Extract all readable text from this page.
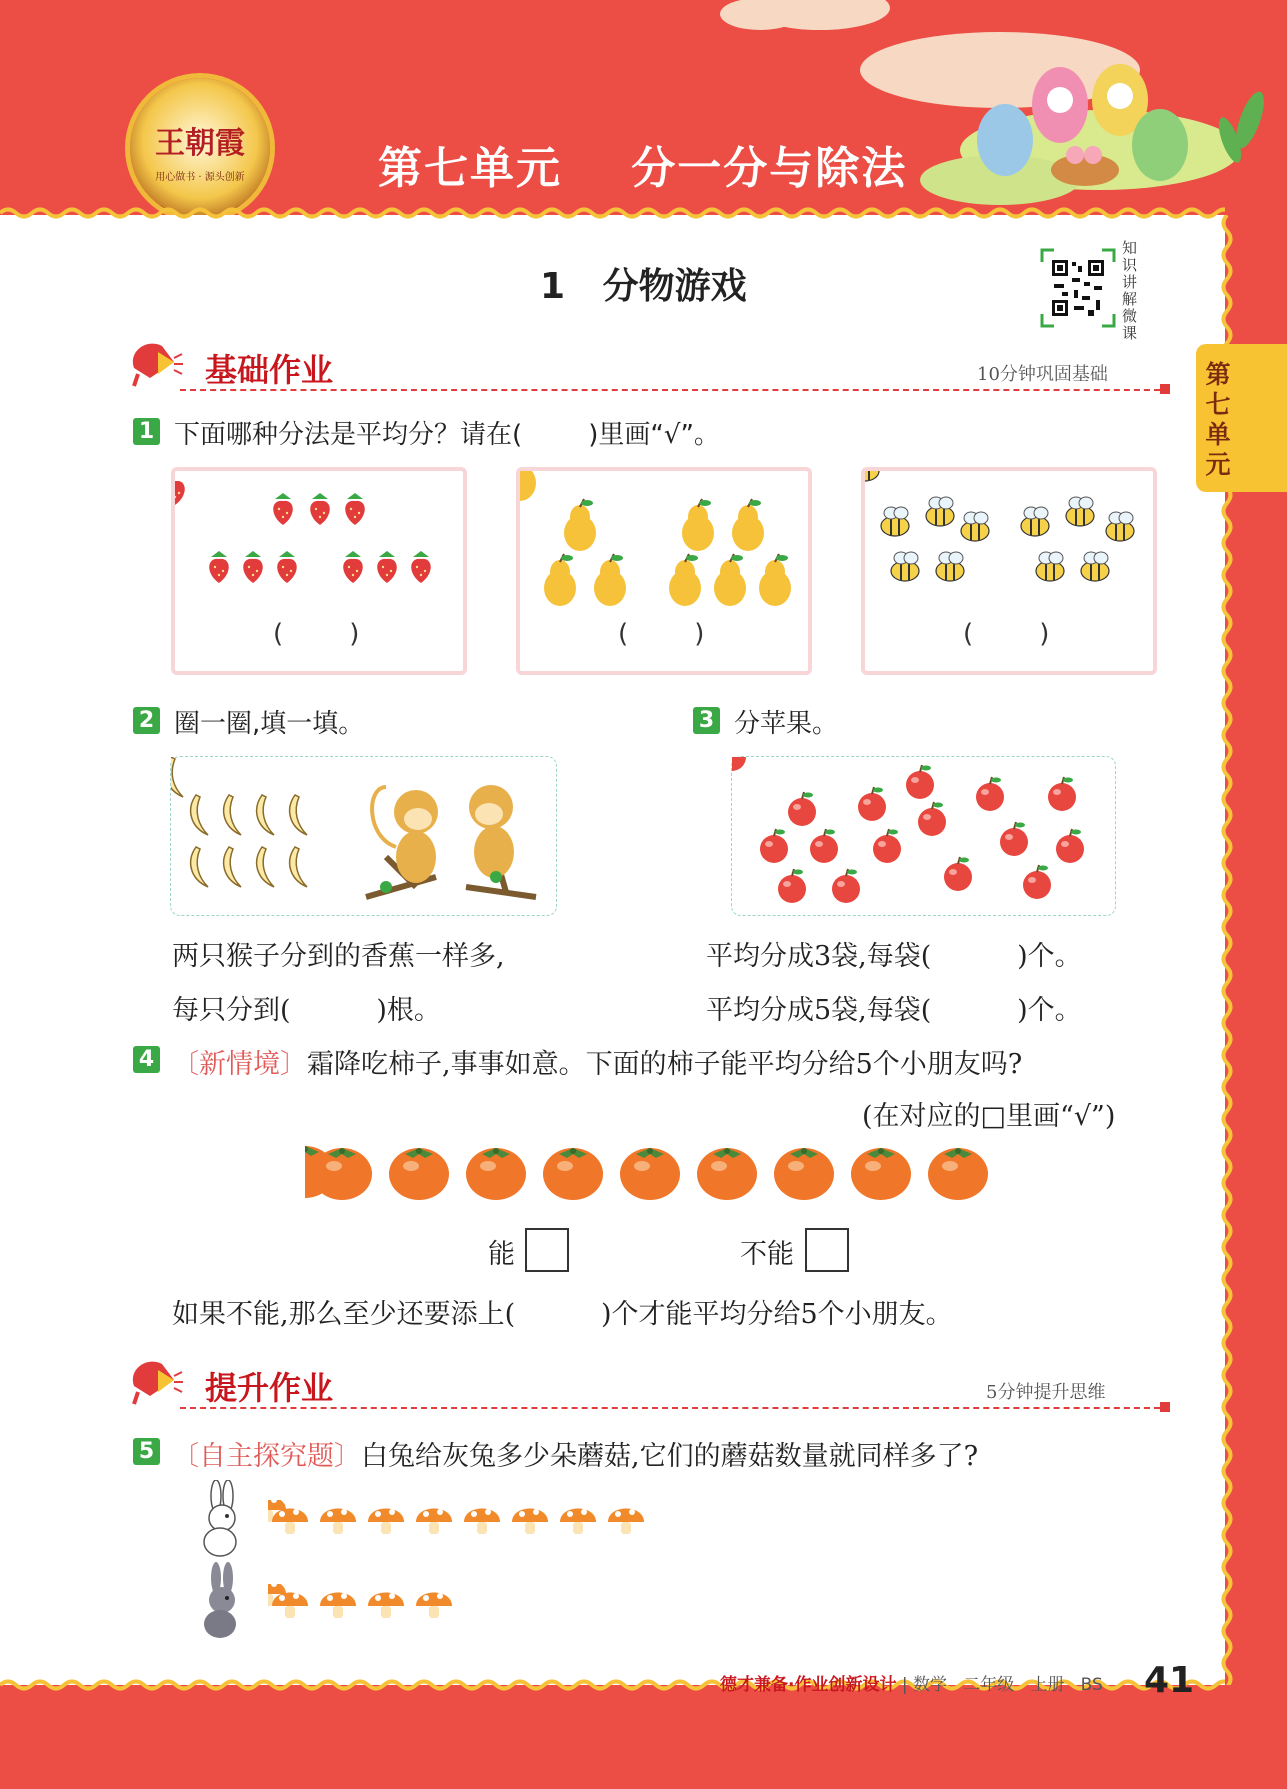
王朝霞
用心做书 · 源头创新	第七单元    分一分与除法
1   分物游戏
知识讲解微课
第七单元
基础作业	10分钟巩固基础
1 下面哪种分法是平均分？请在(        )里画“√”。
(        )	(        )	(        )
2 圈一圈,填一填。
两只猴子分到的香蕉一样多,
每只分到(          )根。
3 分苹果。
平均分成3袋,每袋(          )个。
平均分成5袋,每袋(          )个。
4 〔新情境〕霜降吃柿子,事事如意。下面的柿子能平均分给5个小朋友吗?
(在对应的□里画“√”)
能	不能
如果不能,那么至少还要添上(          )个才能平均分给5个小朋友。
提升作业	5分钟提升思维
5 〔自主探究题〕白兔给灰兔多少朵蘑菇,它们的蘑菇数量就同样多了?
德才兼备·作业创新设计 | 数学   二年级   上册   BS 41
